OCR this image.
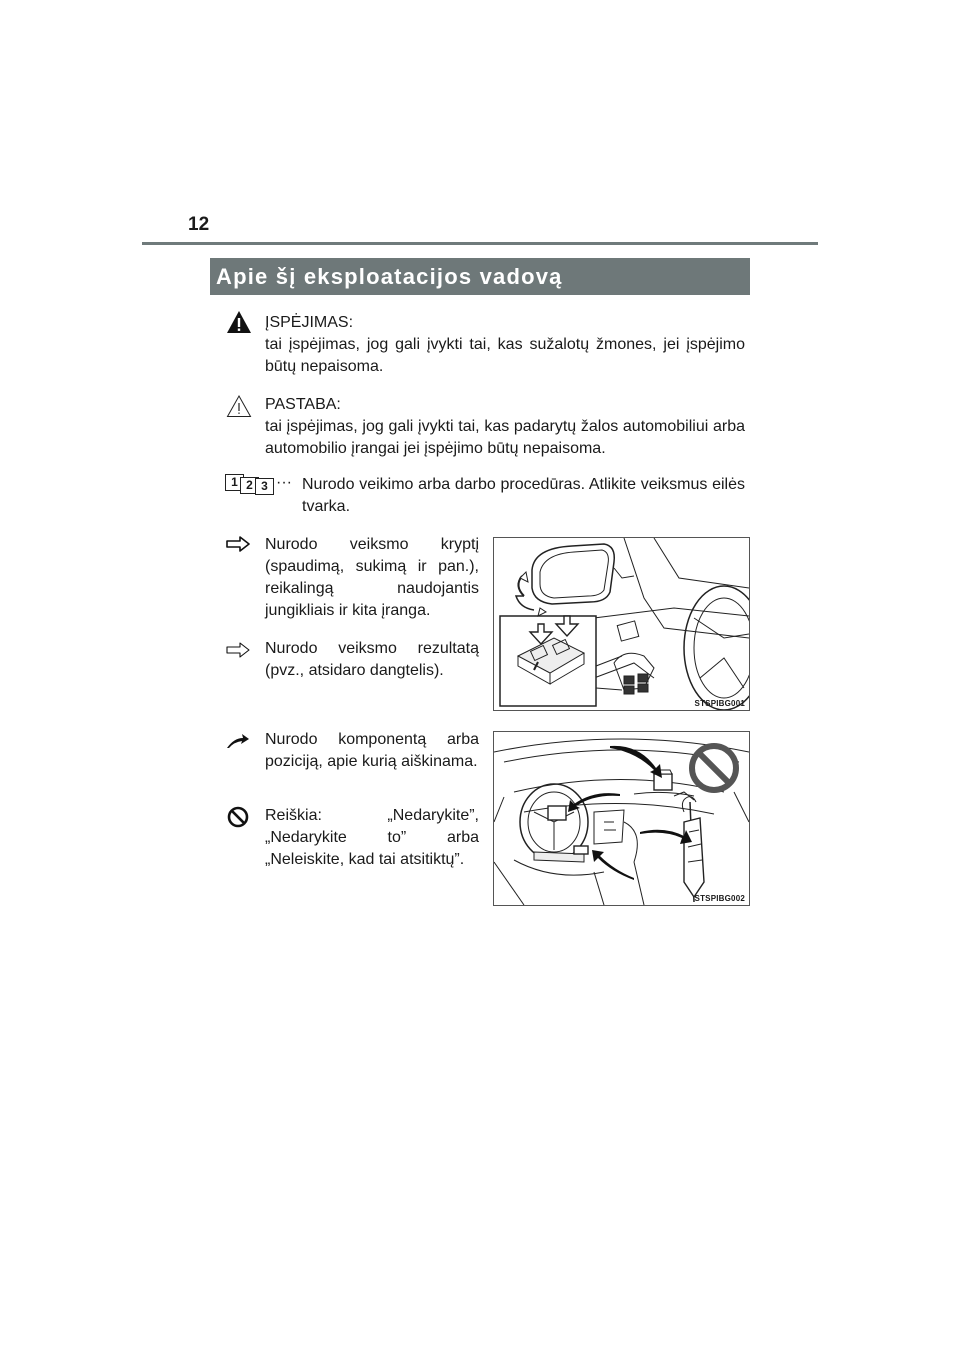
12
Apie šį eksploatacijos vadovą
ĮSPĖJIMAS:
tai įspėjimas, jog gali įvykti tai, kas sužalotų žmones, jei įspėjimo būtų nepaisoma.
PASTABA:
tai įspėjimas, jog gali įvykti tai, kas padarytų žalos automobiliui arba automobilio įrangai jei įspėjimo būtų nepaisoma.
1 2 3 ··· Nurodo veikimo arba darbo procedūras. Atlikite veiksmus eilės tvarka.
Nurodo veiksmo kryptį (spaudimą, sukimą ir pan.), reikalingą naudojantis jungikliais ir kita įranga.
Nurodo veiksmo rezultatą (pvz., atsidaro dangtelis).
STSPIBG001
Nurodo komponentą arba poziciją, apie kurią aiškinama.
Reiškia: „Nedarykite”, „Nedarykite to” arba „Neleiskite, kad tai atsitiktų”.
STSPIBG002
